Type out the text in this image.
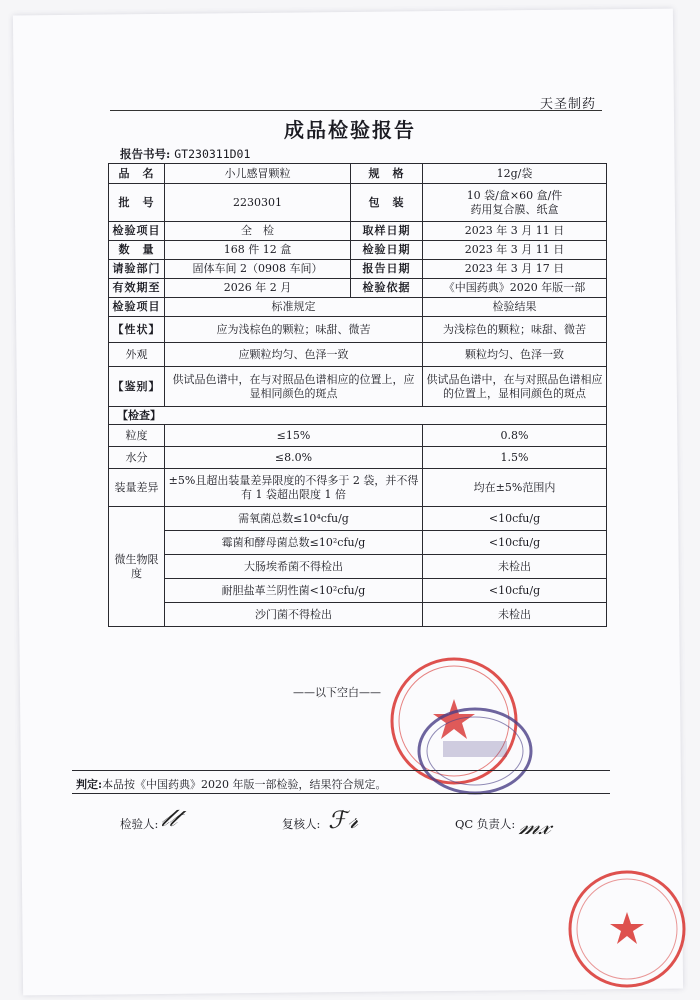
天圣制药
成品检验报告
报告书号: GT230311D01
品　名	小儿感冒颗粒	规　格	12g/袋
批　号	2230301	包　装	10 袋/盒×60 盒/件
药用复合膜、纸盒

检验项目	全　检	取样日期	2023 年 3 月 11 日
数　量	168 件 12 盒	检验日期	2023 年 3 月 11 日
请验部门	固体车间 2（0908 车间）	报告日期	2023 年 3 月 17 日
有效期至	2026 年 2 月	检验依据	《中国药典》2020 年版一部
检验项目	标准规定		检验结果
【性状】	应为浅棕色的颗粒；味甜、微苦		为浅棕色的颗粒；味甜、微苦
外观	应颗粒均匀、色泽一致		颗粒均匀、色泽一致
【鉴别】	供试品色谱中，在与对照品色谱相应的位置上，应显相同颜色的斑点		供试品色谱中，在与对照品色谱相应的位置上，显相同颜色的斑点
【检查】			
粒度	≤15%		0.8%
水分	≤8.0%		1.5%
装量差异	±5%且超出装量差异限度的不得多于 2 袋，并不得有 1 袋超出限度 1 倍		均在±5%范围内
微生物限度	需氧菌总数≤10⁴cfu/g		<10cfu/g
	霉菌和酵母菌总数≤10²cfu/g		<10cfu/g
	大肠埃希菌不得检出		未检出
	耐胆盐革兰阴性菌<10²cfu/g		<10cfu/g
	沙门菌不得检出		未检出
——以下空白——
判定:本品按《中国药典》2020 年版一部检验，结果符合规定。
检验人: 𝓁𝓉	复核人: ℱ𝓇	QC 负责人: 𝓂𝓍
